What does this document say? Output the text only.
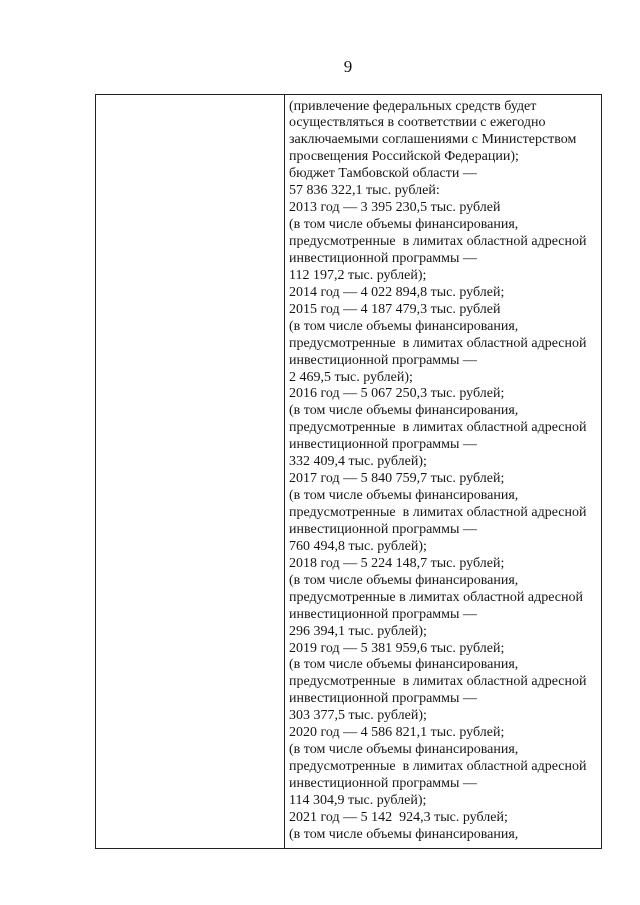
9
(привлечение федеральных средств будет
осуществляться в соответствии с ежегодно
заключаемыми соглашениями с Министерством
просвещения Российской Федерации);
бюджет Тамбовской области —
57 836 322,1 тыс. рублей:
2013 год — 3 395 230,5 тыс. рублей
(в том числе объемы финансирования,
предусмотренные  в лимитах областной адресной
инвестиционной программы —
112 197,2 тыс. рублей);
2014 год — 4 022 894,8 тыс. рублей;
2015 год — 4 187 479,3 тыс. рублей
(в том числе объемы финансирования,
предусмотренные  в лимитах областной адресной
инвестиционной программы —
2 469,5 тыс. рублей);
2016 год — 5 067 250,3 тыс. рублей;
(в том числе объемы финансирования,
предусмотренные  в лимитах областной адресной
инвестиционной программы —
332 409,4 тыс. рублей);
2017 год — 5 840 759,7 тыс. рублей;
(в том числе объемы финансирования,
предусмотренные  в лимитах областной адресной
инвестиционной программы —
760 494,8 тыс. рублей);
2018 год — 5 224 148,7 тыс. рублей;
(в том числе объемы финансирования,
предусмотренные в лимитах областной адресной
инвестиционной программы —
296 394,1 тыс. рублей);
2019 год — 5 381 959,6 тыс. рублей;
(в том числе объемы финансирования,
предусмотренные  в лимитах областной адресной
инвестиционной программы —
303 377,5 тыс. рублей);
2020 год — 4 586 821,1 тыс. рублей;
(в том числе объемы финансирования,
предусмотренные  в лимитах областной адресной
инвестиционной программы —
114 304,9 тыс. рублей);
2021 год — 5 142  924,3 тыс. рублей;
(в том числе объемы финансирования,
